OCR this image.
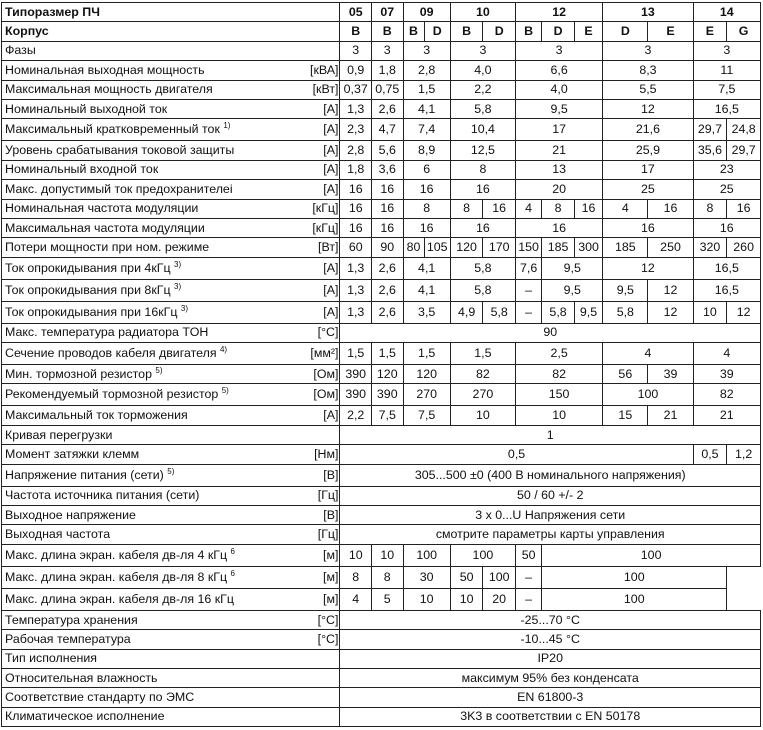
Типоразмер ПЧ	05	07	09		10		12			13		14	
Корпус	B	B	B	D	B	D	B	D	E	D	E	E	G

Фазы	3	3	3		3		3			3		3	

Номинальная выходная мощность [кВА]	0,9	1,8	2,8		4,0		6,6			8,3		11	

Максимальная мощность двигателя [кВт]	0,37	0,75	1,5		2,2		4,0			5,5		7,5	

Номинальный выходной ток [A]	1,3	2,6	4,1		5,8		9,5			12		16,5	

Максимальный кратковременный ток $^{1)}$ [A]	2,3	4,7	7,4		10,4		17			21,6		29,7	24,8

Уровень срабатывания токовой защиты [A]	2,8	5,6	8,9		12,5		21			25,9		35,6	29,7

Номинальный входной ток [A]	1,8	3,6	6		8		13			17		23	

Макс. допустимый ток предохранителеі [A]	16	16	16		16		20			25		25	

Номинальная частота модуляции [кГц]	16	16	8		8	16	4	8	16	4	16	8	16

Максимальная частота модуляции [кГц]	16	16	16		16		16			16		16	

Потери мощности при ном. режиме [Вт]	60	90	80	105	120	170	150	185	300	185	250	320	260

Ток опрокидывания при 4кГц $^{3)}$ [A]	1,3	2,6	4,1		5,8		7,6	9,5		12		16,5	

Ток опрокидывания при 8кГц $^{3)}$ [A]	1,3	2,6	4,1		5,8		–	9,5		9,5	12	16,5	

Ток опрокидывания при 16кГц $^{3)}$ [A]	1,3	2,6	3,5		4,9	5,8	–	5,8	9,5	5,8	12	10	12

Макс. температура радиатора TOH [°C]	90												

Сечение проводов кабеля двигателя $^{4)}$ [мм²]	1,5	1,5	1,5		1,5		2,5			4		4	

Мин. тормозной резистор $^{5)}$ [Ом]	390	120	120		82		82			56	39	39	

Рекомендуемый тормозной резистор $^{5)}$ [Ом]	390	390	270		270		150			100		82	

Максимальный ток торможения [A]	2,2	7,5	7,5		10		10			15	21	21	

Кривая перегрузки	1												

Момент затяжки клемм [Нм]	0,5											0,5	1,2

Напряжение питания (сети) $^{5)}$ [В]	305...500 ±0 (400 В номинального напряжения)												

Частота источника питания (сети) [Гц]	50 / 60 +/- 2												

Выходное напряжение [В]	3 x 0...U Напряжения сети												

Выходная частота [Гц]	смотрите параметры карты управления												

Макс. длина экран. кабеля дв-ля 4 кГц $^6$ [м]	10	10	100		100		50	100					

Макс. длина экран. кабеля дв-ля 8 кГц $^6$ [м]	8	8	30		50	100	–	100					

Макс. длина экран. кабеля дв-ля 16 кГц [м]	4	5	10		10	20	–	100					

Температура хранения [°C]	-25...70 °C												

Рабочая температура [°C]	-10...45 °C												

Тип исполнения	IP20												

Относительная влажность	максимум 95% без конденсата												

Соответствие стандарту по ЭМС	EN 61800-3												

Климатическое исполнение	3K3 в соответствии с EN 50178												
